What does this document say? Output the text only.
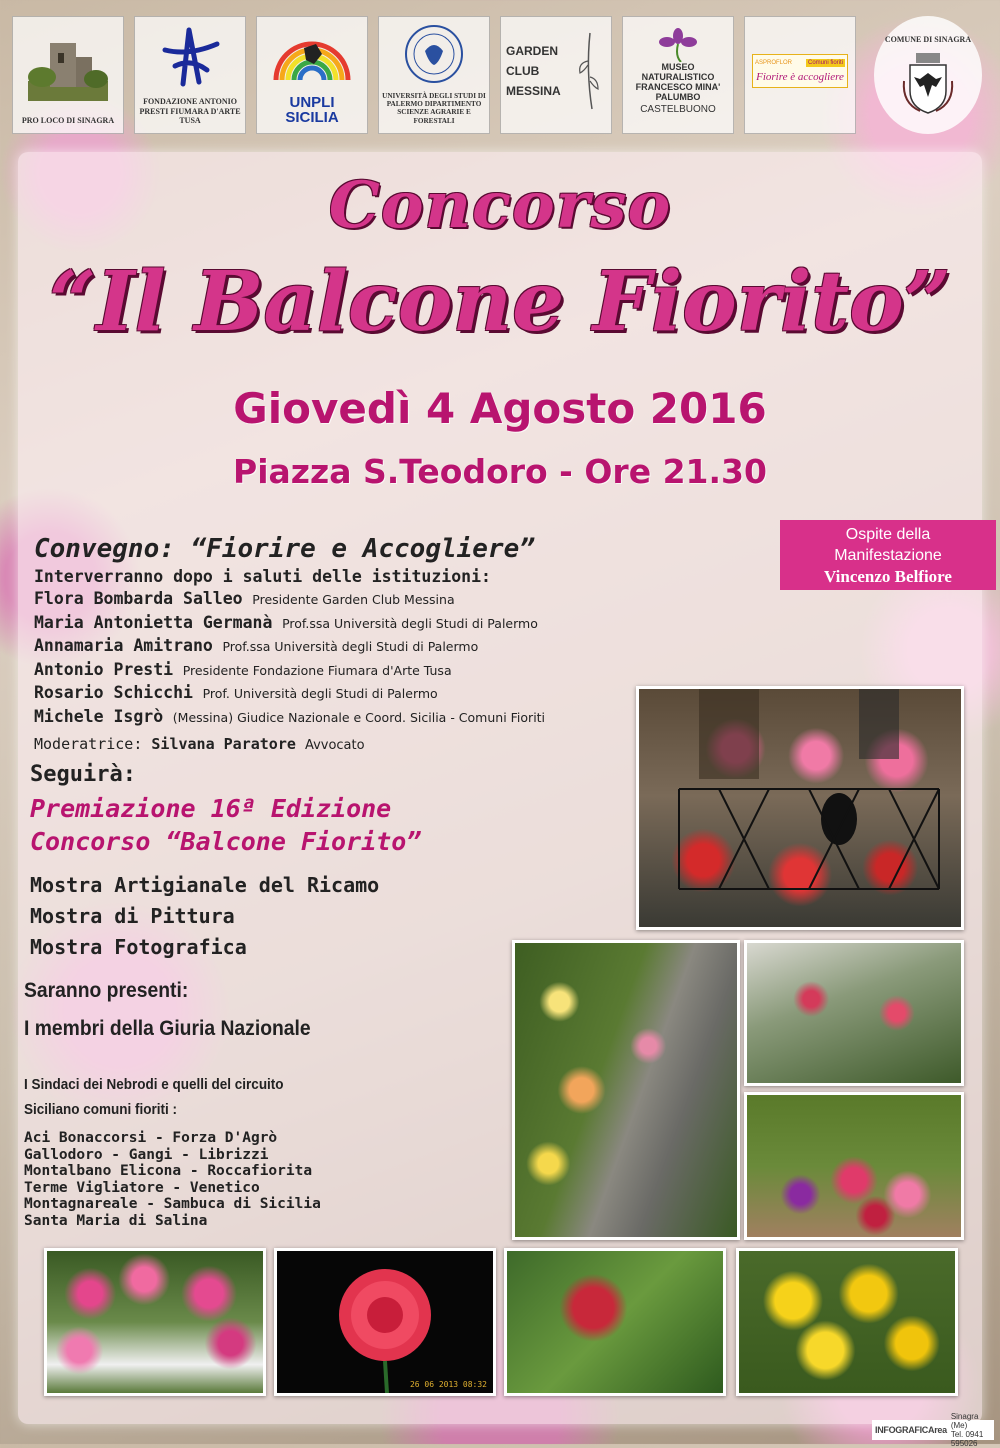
PRO LOCO DI SINAGRA
FONDAZIONE ANTONIO PRESTI FIUMARA D'ARTE TUSA
UNPLI
SICILIA
UNIVERSITÀ DEGLI STUDI DI PALERMO DIPARTIMENTO SCIENZE AGRARIE E FORESTALI
GARDEN CLUB MESSINA
MUSEO NATURALISTICO FRANCESCO MINA' PALUMBO
CASTELBUONO
ASPROFLOR	Comuni fioriti
Fiorire è accogliere
COMUNE DI SINAGRA
Concorso
“Il Balcone Fiorito”
Giovedì 4 Agosto 2016
Piazza S.Teodoro - Ore 21.30
Ospite della
Manifestazione
Vincenzo Belfiore
Convegno: “Fiorire e Accogliere”
Interverranno dopo i saluti delle istituzioni:
Flora Bombarda Salleo Presidente Garden Club Messina
Maria Antonietta Germanà Prof.ssa Università degli Studi di Palermo
Annamaria Amitrano Prof.ssa Università degli Studi di Palermo
Antonio Presti Presidente Fondazione Fiumara d'Arte Tusa
Rosario Schicchi Prof. Università degli Studi di Palermo
Michele Isgrò (Messina) Giudice Nazionale e Coord. Sicilia - Comuni Fioriti
Moderatrice: Silvana Paratore Avvocato
Seguirà:
Premiazione 16ª Edizione
Concorso “Balcone Fiorito”
Mostra Artigianale del Ricamo
Mostra di Pittura
Mostra Fotografica
Saranno presenti:
I membri della Giuria Nazionale
I Sindaci dei Nebrodi e quelli del circuito
Siciliano comuni fioriti :
Aci Bonaccorsi - Forza D'Agrò
Gallodoro - Gangi - Librizzi
Montalbano Elicona - Roccafiorita
Terme Vigliatore - Venetico
Montagnareale - Sambuca di Sicilia
Santa Maria di Salina
26 06 2013 08:32
INFOGRAFICArea
Sinagra (Me)
Tel. 0941 595026
